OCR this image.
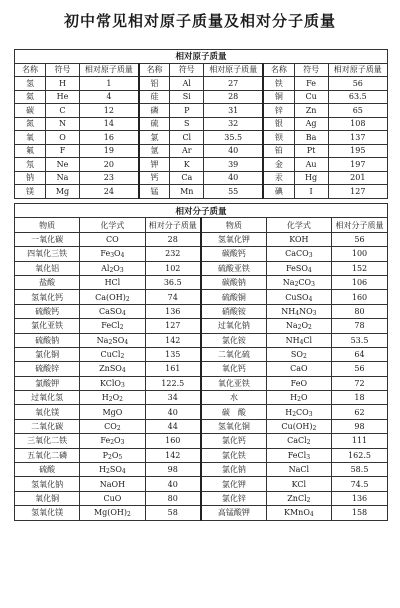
初中常见相对原子质量及相对分子质量
相对原子质量								
名称	符号	相对原子质量	名称	符号	相对原子质量	名称	符号	相对原子质量
氢	H	1	铝	Al	27	铁	Fe	56
氦	He	4	硅	Si	28	铜	Cu	63.5
碳	C	12	磷	P	31	锌	Zn	65
氮	N	14	硫	S	32	银	Ag	108
氧	O	16	氯	Cl	35.5	钡	Ba	137
氟	F	19	氩	Ar	40	铂	Pt	195
氖	Ne	20	钾	K	39	金	Au	197
钠	Na	23	钙	Ca	40	汞	Hg	201
镁	Mg	24	锰	Mn	55	碘	I	127
相对分子质量					
物质	化学式	相对分子质量	物质	化学式	相对分子质量
一氧化碳	CO	28	氢氧化钾	KOH	56
四氧化三铁	$Fe_3O_4$	232	碳酸钙	CaCO$_3$	100
氧化铝	$Al_2O_3$	102	硫酸亚铁	FeSO$_4$	152
盐酸	HCl	36.5	碳酸钠	$Na_2CO_3$	106
氢氧化钙	$Ca(OH)_2$	74	硫酸铜	CuSO$_4$	160
硫酸钙	CaSO$_4$	136	硝酸铵	$NH_4NO_3$	80
氯化亚铁	FeCl$_2$	127	过氧化钠	$Na_2O_2$	78
硫酸钠	$Na_2SO_4$	142	氯化铵	$NH_4Cl$	53.5
氯化铜	CuCl$_2$	135	二氧化硫	$SO_2$	64
硫酸锌	ZnSO$_4$	161	氧化钙	CaO	56
氯酸钾	KClO$_3$	122.5	氧化亚铁	FeO	72
过氧化氢	$H_2O_2$	34	水	$H_2O$	18
氧化镁	MgO	40	碳　酸	$H_2CO_3$	62
二氧化碳	$CO_2$	44	氢氧化铜	$Cu(OH)_2$	98
三氧化二铁	$Fe_2O_3$	160	氯化钙	CaCl$_2$	111
五氧化二磷	$P_2O_5$	142	氯化铁	FeCl$_3$	162.5
硫酸	$H_2SO_4$	98	氯化钠	NaCl	58.5
氢氧化钠	NaOH	40	氯化钾	KCl	74.5
氧化铜	CuO	80	氯化锌	ZnCl$_2$	136
氢氧化镁	$Mg(OH)_2$	58	高锰酸钾	KMnO$_4$	158
